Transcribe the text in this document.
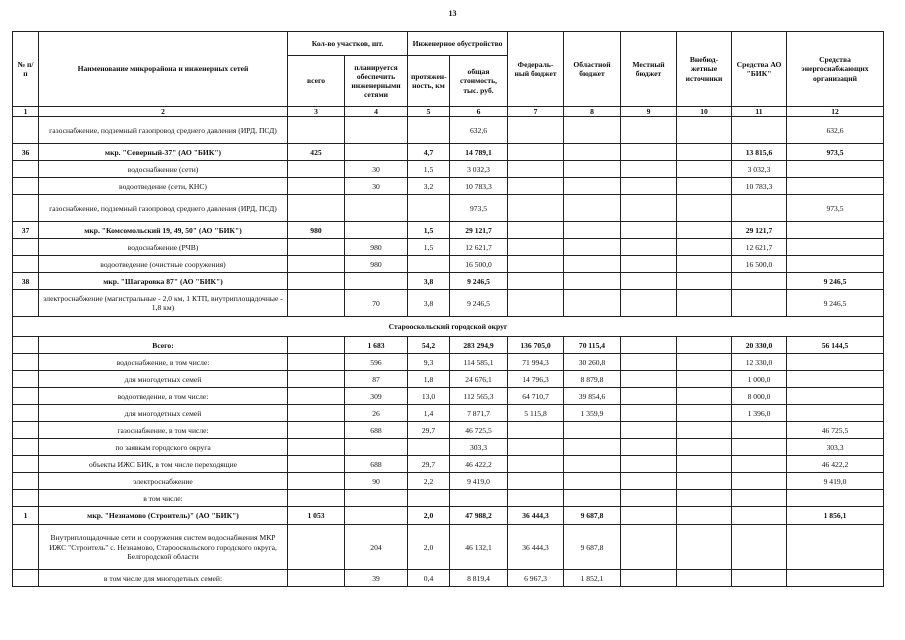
13
№ п/п	Наименование микрорайона и инженерных сетей	Кол-во участков, шт.		Инженерное обустройство		Федераль-ный бюджет	Областной бюджет	Местный бюджет	Внебюд-жетные источники	Средства АО "БИК"	Средства энергоснабжающих организаций
		всего	планируется обеспечить инженерными сетями	протяжен-ность, км	общая стоимость, тыс. руб.						
1	2	3	4	5	6	7	8	9	10	11	12
	газоснабжение, подземный газопровод среднего давления (ИРД, ПСД)				632,6						632,6
36	мкр. "Северный-37" (АО "БИК")	425		4,7	14 789,1					13 815,6	973,5
	водоснабжение (сети)		30	1,5	3 032,3					3 032,3	
	водоотведение (сети, КНС)		30	3,2	10 783,3					10 783,3	
	газоснабжение, подземный газопровод среднего давления (ИРД, ПСД)				973,5						973,5
37	мкр. "Комсомольский 19, 49, 50" (АО "БИК")	980		1,5	29 121,7					29 121,7	
	водоснабжение (РЧВ)		980	1,5	12 621,7					12 621,7	
	водоотведение (очистные сооружения)		980		16 500,0					16 500,0	
38	мкр. "Шагаровка 87" (АО "БИК")			3,8	9 246,5						9 246,5
	электроснабжение (магистральные - 2,0 км, 1 КТП, внутриплощадочные - 1,8 км)		70	3,8	9 246,5						9 246,5
Старооскольский городской округ											
	Всего:		1 683	54,2	283 294,9	136 705,0	70 115,4			20 330,0	56 144,5
	водоснабжение, в том числе:		596	9,3	114 585,1	71 994,3	30 260,8			12 330,0	
	для многодетных семей		87	1,8	24 676,1	14 796,3	8 879,8			1 000,0	
	водоотведение, в том числе:		309	13,0	112 565,3	64 710,7	39 854,6			8 000,0	
	для многодетных семей		26	1,4	7 871,7	5 115,8	1 359,9			1 396,0	
	газоснабжение, в том числе:		688	29,7	46 725,5						46 725,5
	по заявкам городского округа				303,3						303,3
	объекты ИЖС БИК, в том числе переходящие		688	29,7	46 422,2						46 422,2
	электроснабжение		90	2,2	9 419,0						9 419,0
	в том числе:										
1	мкр. "Незнамово (Строитель)" (АО "БИК")	1 053		2,0	47 988,2	36 444,3	9 687,8				1 856,1
	Внутриплощадочные сети и сооружения систем водоснабжения МКР ИЖС "Строитель" с. Незнамово, Старооскольского городского округа, Белгородской области		204	2,0	46 132,1	36 444,3	9 687,8				
	в том числе для многодетных семей:		39	0,4	8 819,4	6 967,3	1 852,1				
